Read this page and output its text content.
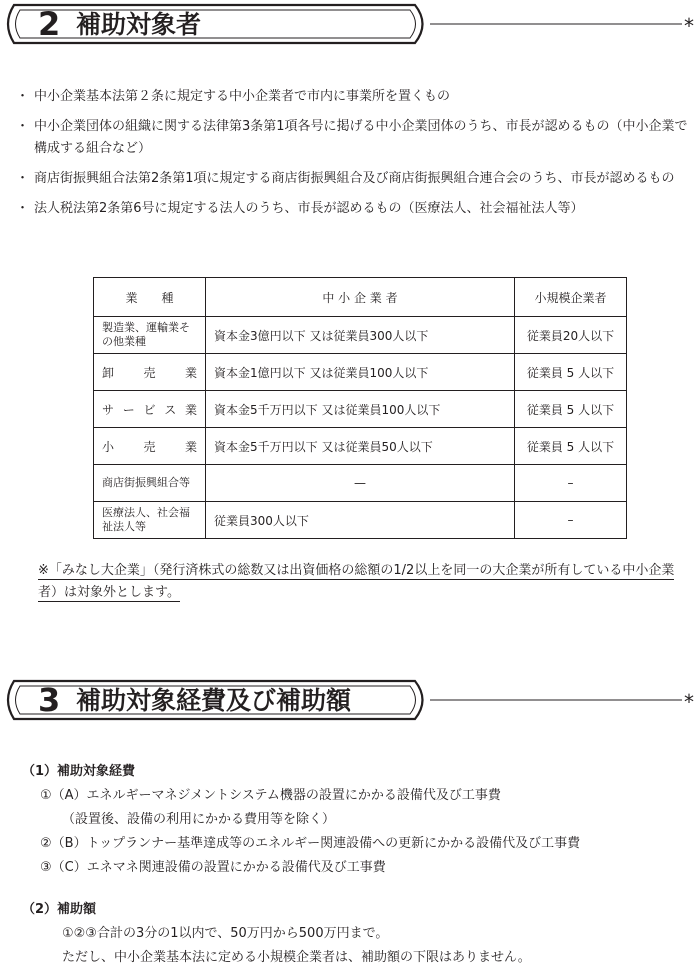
*
2 補助対象者
・ 中小企業基本法第２条に規定する中小企業者で市内に事業所を置くもの
・ 中小企業団体の組織に関する法律第3条第1項各号に掲げる中小企業団体のうち、市長が認めるもの（中小企業で構成する組合など）
・ 商店街振興組合法第2条第1項に規定する商店街振興組合及び商店街振興組合連合会のうち、市長が認めるもの
・ 法人税法第2条第6号に規定する法人のうち、市長が認めるもの（医療法人、社会福祉法人等）
業　　種	中 小 企 業 者	小規模企業者
製造業、運輸業その他業種	資本金3億円以下 又は従業員300人以下	従業員20人以下
卸売業	資本金1億円以下 又は従業員100人以下	従業員 5 人以下
サービス業	資本金5千万円以下 又は従業員100人以下	従業員 5 人以下
小売業	資本金5千万円以下 又は従業員50人以下	従業員 5 人以下
商店街振興組合等	—	–
医療法人、社会福祉法人等	従業員300人以下	–
※「みなし大企業」（発行済株式の総数又は出資価格の総額の1/2以上を同一の大企業が所有している中小企業者）は対象外とします。
*
3 補助対象経費及び補助額

（1）補助対象経費

①（A）エネルギーマネジメントシステム機器の設置にかかる設備代及び工事費

（設置後、設備の利用にかかる費用等を除く）

②（B）トップランナー基準達成等のエネルギー関連設備への更新にかかる設備代及び工事費

③（C）エネマネ関連設備の設置にかかる設備代及び工事費

（2）補助額

①②③合計の3分の1以内で、50万円から500万円まで。

ただし、中小企業基本法に定める小規模企業者は、補助額の下限はありません。
